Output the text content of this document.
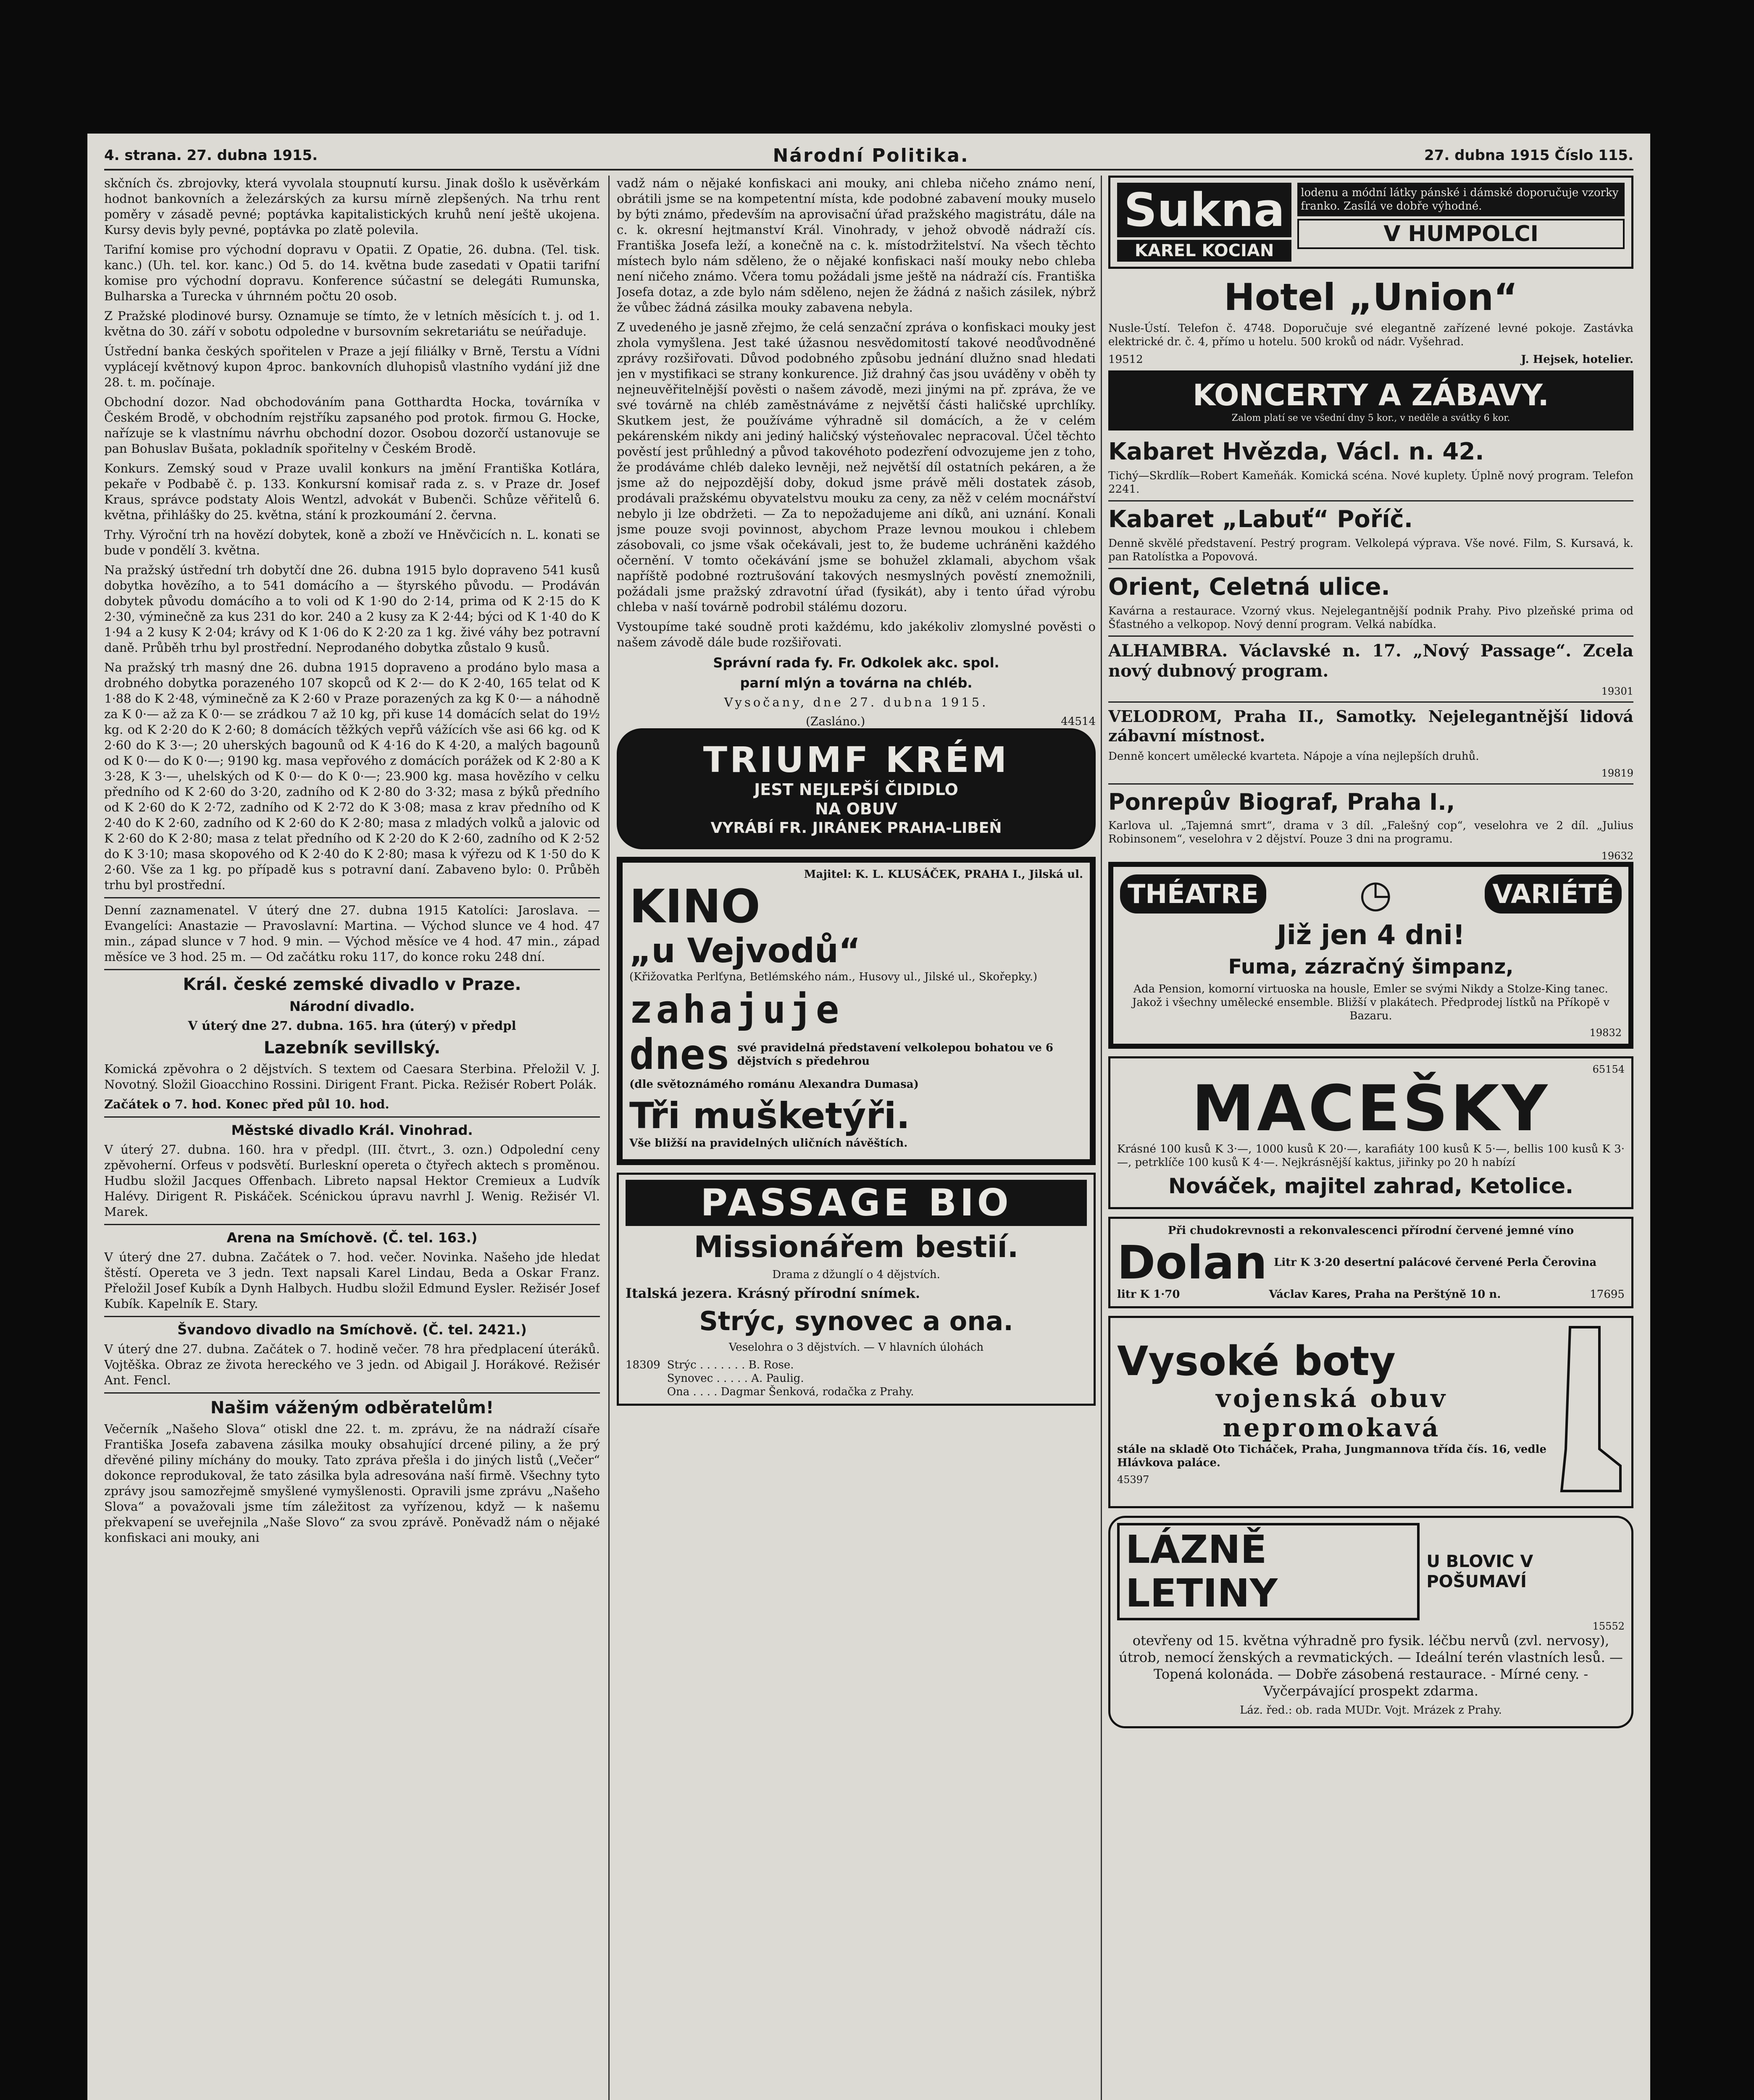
4. strana. 27. dubna 1915.	Národní Politika.	27. dubna 1915 Číslo 115.

skčních čs. zbrojovky, která vyvolala stoupnutí kursu. Jinak došlo k usěvěrkám hodnot bankovních a železárských za kursu mírně zlepšených. Na trhu rent poměry v zásadě pevné; poptávka kapitalistických kruhů není ještě ukojena. Kursy devis byly pevné, poptávka po zlatě polevila.

Tarifní komise pro východní dopravu v Opatii. Z Opatie, 26. dubna. (Tel. tisk. kanc.) (Uh. tel. kor. kanc.) Od 5. do 14. května bude zasedati v Opatii tarifní komise pro východní dopravu. Konference súčastní se delegáti Rumunska, Bulharska a Turecka v úhrnném počtu 20 osob.

Z Pražské plodinové bursy. Oznamuje se tímto, že v letních měsících t. j. od 1. května do 30. září v sobotu odpoledne v bursovním sekretariátu se neúřaduje.

Ústřední banka českých spořitelen v Praze a její filiálky v Brně, Terstu a Vídni vyplácejí květnový kupon 4proc. bankovních dluhopisů vlastního vydání již dne 28. t. m. počínaje.

Obchodní dozor. Nad obchodováním pana Gotthardta Hocka, továrníka v Českém Brodě, v obchodním rejstříku zapsaného pod protok. firmou G. Hocke, nařízuje se k vlastnímu návrhu obchodní dozor. Osobou dozorčí ustanovuje se pan Bohuslav Bušata, pokladník spořitelny v Českém Brodě.

Konkurs. Zemský soud v Praze uvalil konkurs na jmění Františka Kotlára, pekaře v Podbabě č. p. 133. Konkursní komisař rada z. s. v Praze dr. Josef Kraus, správce podstaty Alois Wentzl, advokát v Bubenči. Schůze věřitelů 6. května, přihlášky do 25. května, stání k prozkoumání 2. června.

Trhy. Výroční trh na hovězí dobytek, koně a zboží ve Hněvčicích n. L. konati se bude v pondělí 3. května.

Na pražský ústřední trh dobytčí dne 26. dubna 1915 bylo dopraveno 541 kusů dobytka hovězího, a to 541 domácího a — štyrského původu. — Prodáván dobytek původu domácího a to voli od K 1·90 do 2·14, prima od K 2·15 do K 2·30, výminečně za kus 231 do kor. 240 a 2 kusy za K 2·44; býci od K 1·40 do K 1·94 a 2 kusy K 2·04; krávy od K 1·06 do K 2·20 za 1 kg. živé váhy bez potravní daně. Průběh trhu byl prostřední. Neprodaného dobytka zůstalo 9 kusů.

Na pražský trh masný dne 26. dubna 1915 dopraveno a prodáno bylo masa a drobného dobytka porazeného 107 skopců od K 2·— do K 2·40, 165 telat od K 1·88 do K 2·48, výminečně za K 2·60 v Praze porazených za kg K 0·— a náhodně za K 0·— až za K 0·— se zrádkou 7 až 10 kg, při kuse 14 domácích selat do 19½ kg. od K 2·20 do K 2·60; 8 domácích těžkých vepřů vážících vše asi 66 kg. od K 2·60 do K 3·—; 20 uherských bagounů od K 4·16 do K 4·20, a malých bagounů od K 0·— do K 0·—; 9190 kg. masa vepřového z domácích porážek od K 2·80 a K 3·28, K 3·—, uhelských od K 0·— do K 0·—; 23.900 kg. masa hovězího v celku předního od K 2·60 do 3·20, zadního od K 2·80 do 3·32; masa z býků předního od K 2·60 do K 2·72, zadního od K 2·72 do K 3·08; masa z krav předního od K 2·40 do K 2·60, zadního od K 2·60 do K 2·80; masa z mladých volků a jalovic od K 2·60 do K 2·80; masa z telat předního od K 2·20 do K 2·60, zadního od K 2·52 do K 3·10; masa skopového od K 2·40 do K 2·80; masa k výřezu od K 1·50 do K 2·60. Vše za 1 kg. po případě kus s potravní daní. Zabaveno bylo: 0. Průběh trhu byl prostřední.

Denní zaznamenatel. V úterý dne 27. dubna 1915 Katolíci: Jaroslava. — Evangelíci: Anastazie — Pravoslavní: Martina. — Východ slunce ve 4 hod. 47 min., západ slunce v 7 hod. 9 min. — Východ měsíce ve 4 hod. 47 min., západ měsíce ve 3 hod. 25 m. — Od začátku roku 117, do konce roku 248 dní.

Král. české zemské divadlo v Praze.
Národní divadlo.

V úterý dne 27. dubna. 165. hra (úterý) v předpl

Lazebník sevillský.

Komická zpěvohra o 2 dějstvích. S textem od Caesara Sterbina. Přeložil V. J. Novotný. Složil Gioacchino Rossini. Dirigent Frant. Picka. Režisér Robert Polák.

Začátek o 7. hod. Konec před půl 10. hod.

Městské divadlo Král. Vinohrad.

V úterý 27. dubna. 160. hra v předpl. (III. čtvrt., 3. ozn.) Odpolední ceny zpěvoherní. Orfeus v podsvětí. Burleskní opereta o čtyřech aktech s proměnou. Hudbu složil Jacques Offenbach. Libreto napsal Hektor Cremieux a Ludvík Halévy. Dirigent R. Piskáček. Scénickou úpravu navrhl J. Wenig. Režisér Vl. Marek.

Arena na Smíchově. (Č. tel. 163.)

V úterý dne 27. dubna. Začátek o 7. hod. večer. Novinka. Našeho jde hledat štěstí. Opereta ve 3 jedn. Text napsali Karel Lindau, Beda a Oskar Franz. Přeložil Josef Kubík a Dynh Halbych. Hudbu složil Edmund Eysler. Režisér Josef Kubík. Kapelník E. Stary.

Švandovo divadlo na Smíchově. (Č. tel. 2421.)

V úterý dne 27. dubna. Začátek o 7. hodině večer. 78 hra předplacení úteráků. Vojtěška. Obraz ze života hereckého ve 3 jedn. od Abigail J. Horákové. Režisér Ant. Fencl.

Našim váženým odběratelům!

Večerník „Našeho Slova“ otiskl dne 22. t. m. zprávu, že na nádraží císaře Františka Josefa zabavena zásilka mouky obsahující drcené piliny, a že prý dřevěné piliny míchány do mouky. Tato zpráva přešla i do jiných listů („Večer“ dokonce reprodukoval, že tato zásilka byla adresována naší firmě. Všechny tyto zprávy jsou samozřejmě smyšlené vymyšlenosti. Opravili jsme zprávu „Našeho Slova“ a považovali jsme tím záležitost za vyřízenou, když — k našemu překvapení se uveřejnila „Naše Slovo“ za svou zprávě. Poněvadž nám o nějaké konfiskaci ani mouky, ani

vadž nám o nějaké konfiskaci ani mouky, ani chleba ničeho známo není, obrátili jsme se na kompetentní místa, kde podobné zabavení mouky muselo by býti známo, především na aprovisační úřad pražského magistrátu, dále na c. k. okresní hejtmanství Král. Vinohrady, v jehož obvodě nádraží cís. Františka Josefa leží, a konečně na c. k. místodržitelství. Na všech těchto místech bylo nám sděleno, že o nějaké konfiskaci naší mouky nebo chleba není ničeho známo. Včera tomu požádali jsme ještě na nádraží cís. Františka Josefa dotaz, a zde bylo nám sděleno, nejen že žádná z našich zásilek, nýbrž že vůbec žádná zásilka mouky zabavena nebyla.

Z uvedeného je jasně zřejmo, že celá senzační zpráva o konfiskaci mouky jest zhola vymyšlena. Jest také úžasnou nesvědomitostí takové neodůvodněné zprávy rozšiřovati. Důvod podobného způsobu jednání dlužno snad hledati jen v mystifikaci se strany konkurence. Již drahný čas jsou uváděny v oběh ty nejneuvěřitelnější pověsti o našem závodě, mezi jinými na př. zpráva, že ve své továrně na chléb zaměstnáváme z největší části haličské uprchlíky. Skutkem jest, že používáme výhradně sil domácích, a že v celém pekárenském nikdy ani jediný haličský výsteňovalec nepracoval. Účel těchto pověstí jest průhledný a původ takovéhoto podezření odvozujeme jen z toho, že prodáváme chléb daleko levněji, než největší díl ostatních pekáren, a že jsme až do nejpozdější doby, dokud jsme právě měli dostatek zásob, prodávali pražskému obyvatelstvu mouku za ceny, za něž v celém mocnářství nebylo ji lze obdržeti. — Za to nepožadujeme ani díků, ani uznání. Konali jsme pouze svoji povinnost, abychom Praze levnou moukou i chlebem zásobovali, co jsme však očekávali, jest to, že budeme uchráněni každého očernění. V tomto očekávání jsme se bohužel zklamali, abychom však napříště podobné roztrušování takových nesmyslných pověstí znemožnili, požádali jsme pražský zdravotní úřad (fysikát), aby i tento úřad výrobu chleba v naší továrně podrobil stálému dozoru.

Vystoupíme také soudně proti každému, kdo jakékoliv zlomyslné pověsti o našem závodě dále bude rozšiřovati.

Správní rada fy. Fr. Odkolek akc. spol.
parní mlýn a továrna na chléb.

Vysočany, dne 27. dubna 1915.

(Zasláno.)	44514
TRIUMF KRÉM
JEST NEJLEPŠÍ ČIDIDLO
NA OBUV
VYRÁBÍ FR. JIRÁNEK PRAHA-LIBEŇ
Majitel: K. L. KLUSÁČEK, PRAHA I., Jilská ul.
KINO
„u Vejvodů“

(Křižovatka Perlťyna, Betlémského nám., Husovy ul., Jilské ul., Skořepky.)

zahajuje
dnes své pravidelná představení velkolepou bohatou ve 6 dějstvích s předehrou

(dle světoznámého románu Alexandra Dumasa)

Tři mušketýři.

Vše bližší na pravidelných uličních návěštích.

PASSAGE BIO
Missionářem bestií.

Drama z džunglí o 4 dějstvích.

Italská jezera. Krásný přírodní snímek.

Strýc, synovec a ona.

Veselohra o 3 dějstvích. — V hlavních úlohách

18309 Strýc . . . . . . . B. Rose.
Synovec . . . . . A. Paulig.
Ona . . . . Dagmar Šenková, rodačka z Prahy.
Sukna
KAREL KOCIAN
lodenu a módní látky pánské i dámské doporučuje vzorky franko. Zasílá ve dobře výhodné.
V HUMPOLCI
Hotel „Union“

Nusle-Ústí. Telefon č. 4748. Doporučuje své elegantně zařízené levné pokoje. Zastávka elektrické dr. č. 4, přímo u hotelu. 500 kroků od nádr. Vyšehrad.

19512	J. Hejsek, hotelier.
KONCERTY A ZÁBAVY.
Zalom platí se ve všední dny 5 kor., v neděle a svátky 6 kor.
Kabaret Hvězda, Václ. n. 42.

Tichý—Skrdlík—Robert Kameňák. Komická scéna. Nové kuplety. Úplně nový program. Telefon 2241.

Kabaret „Labuť“ Poříč.

Denně skvělé představení. Pestrý program. Velkolepá výprava. Vše nové. Film, S. Kursavá, k. pan Ratolístka a Popovová.

Orient, Celetná ulice.

Kavárna a restaurace. Vzorný vkus. Nejelegantnější podnik Prahy. Pivo plzeňské prima od Šťastného a velkopop. Nový denní program. Velká nabídka.

ALHAMBRA. Václavské n. 17. „Nový Passage“. Zcela nový dubnový program.

19301

VELODROM, Praha II., Samotky. Nejelegantnější lidová zábavní místnost.

Denně koncert umělecké kvarteta. Nápoje a vína nejlepších druhů.

19819
Ponrepův Biograf, Praha I.,

Karlova ul. „Tajemná smrt“, drama v 3 díl. „Falešný cop“, veselohra ve 2 díl. „Julius Robinsonem“, veselohra v 2 dějství. Pouze 3 dni na programu.

19632
THÉATRE	◷	VARIÉTÉ
Již jen 4 dni!
Fuma, zázračný šimpanz,

Ada Pension, komorní virtuoska na housle, Emler se svými Nikdy a Stolze-King tanec. Jakož i všechny umělecké ensemble. Bližší v plakátech. Předprodej lístků na Příkopě v Bazaru.

19832
65154
MACEŠKY

Krásné 100 kusů K 3·—, 1000 kusů K 20·—, karafiáty 100 kusů K 5·—, bellis 100 kusů K 3·—, petrklíče 100 kusů K 4·—. Nejkrásnější kaktus, jiřinky po 20 h nabízí

Nováček, majitel zahrad, Ketolice.
Při chudokrevnosti a rekonvalescenci přírodní červené jemné víno
Dolan Litr K 3·20 desertní palácové červené Perla Čerovina
litr K 1·70	Václav Kares, Praha na Perštýně 10 n.	17695
Vysoké boty
vojenská obuv
nepromokavá

stále na skladě Oto Ticháček, Praha, Jungmannova třída čís. 16, vedle Hlávkova paláce.

45397
LÁZNĚ LETINY
U BLOVIC V POŠUMAVÍ
15552

otevřeny od 15. května výhradně pro fysik. léčbu nervů (zvl. nervosy), útrob, nemocí ženských a revmatických. — Ideální terén vlastních lesů. — Topená kolonáda. — Dobře zásobená restaurace. - Mírné ceny. - Vyčerpávající prospekt zdarma.

Láz. řed.: ob. rada MUDr. Vojt. Mrázek z Prahy.
